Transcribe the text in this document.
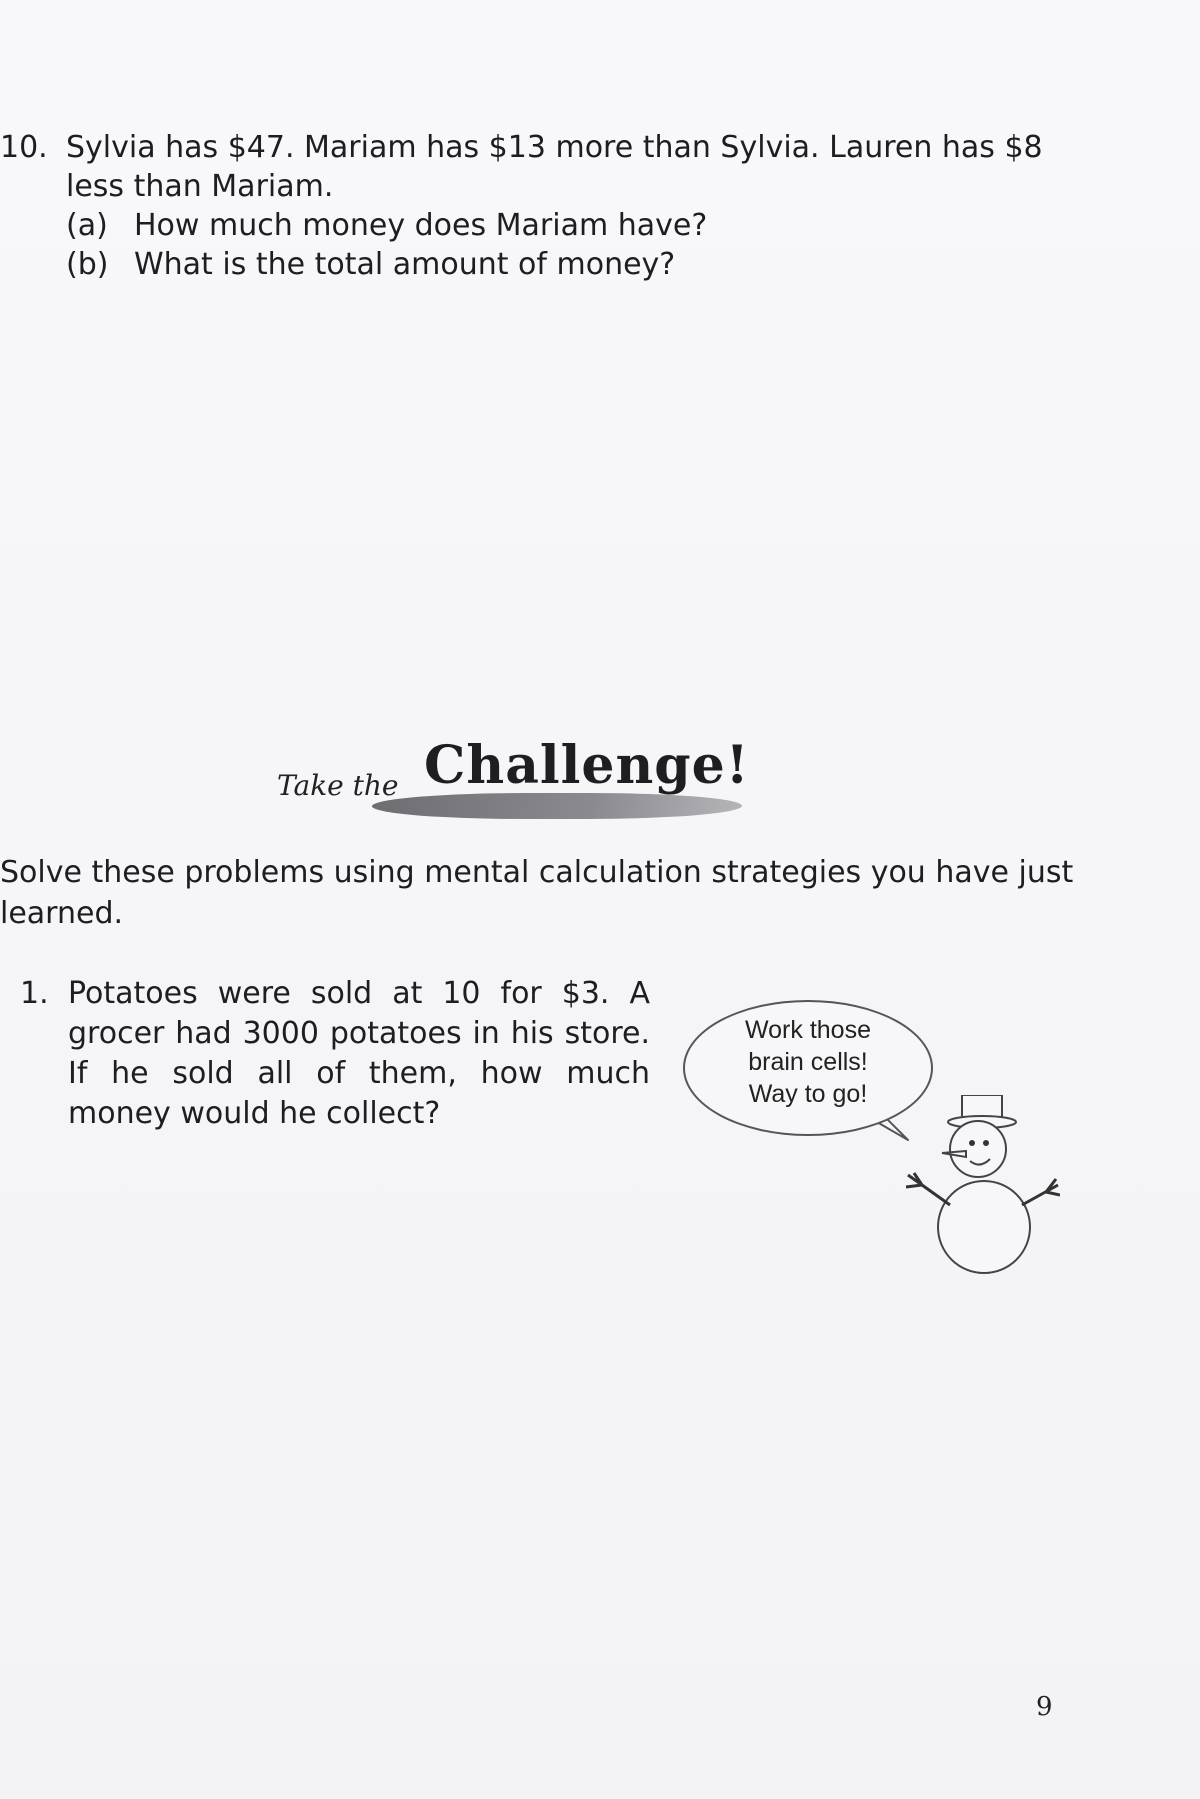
10. Sylvia has $47. Mariam has $13 more than Sylvia. Lauren has $8 less than Mariam.
(a) How much money does Mariam have?
(b) What is the total amount of money?
Take the Challenge!
Solve these problems using mental calculation strategies you have just learned.
1. Potatoes were sold at 10 for $3. A grocer had 3000 potatoes in his store. If he sold all of them, how much money would he collect?
Work those
brain cells!
Way to go!
9
